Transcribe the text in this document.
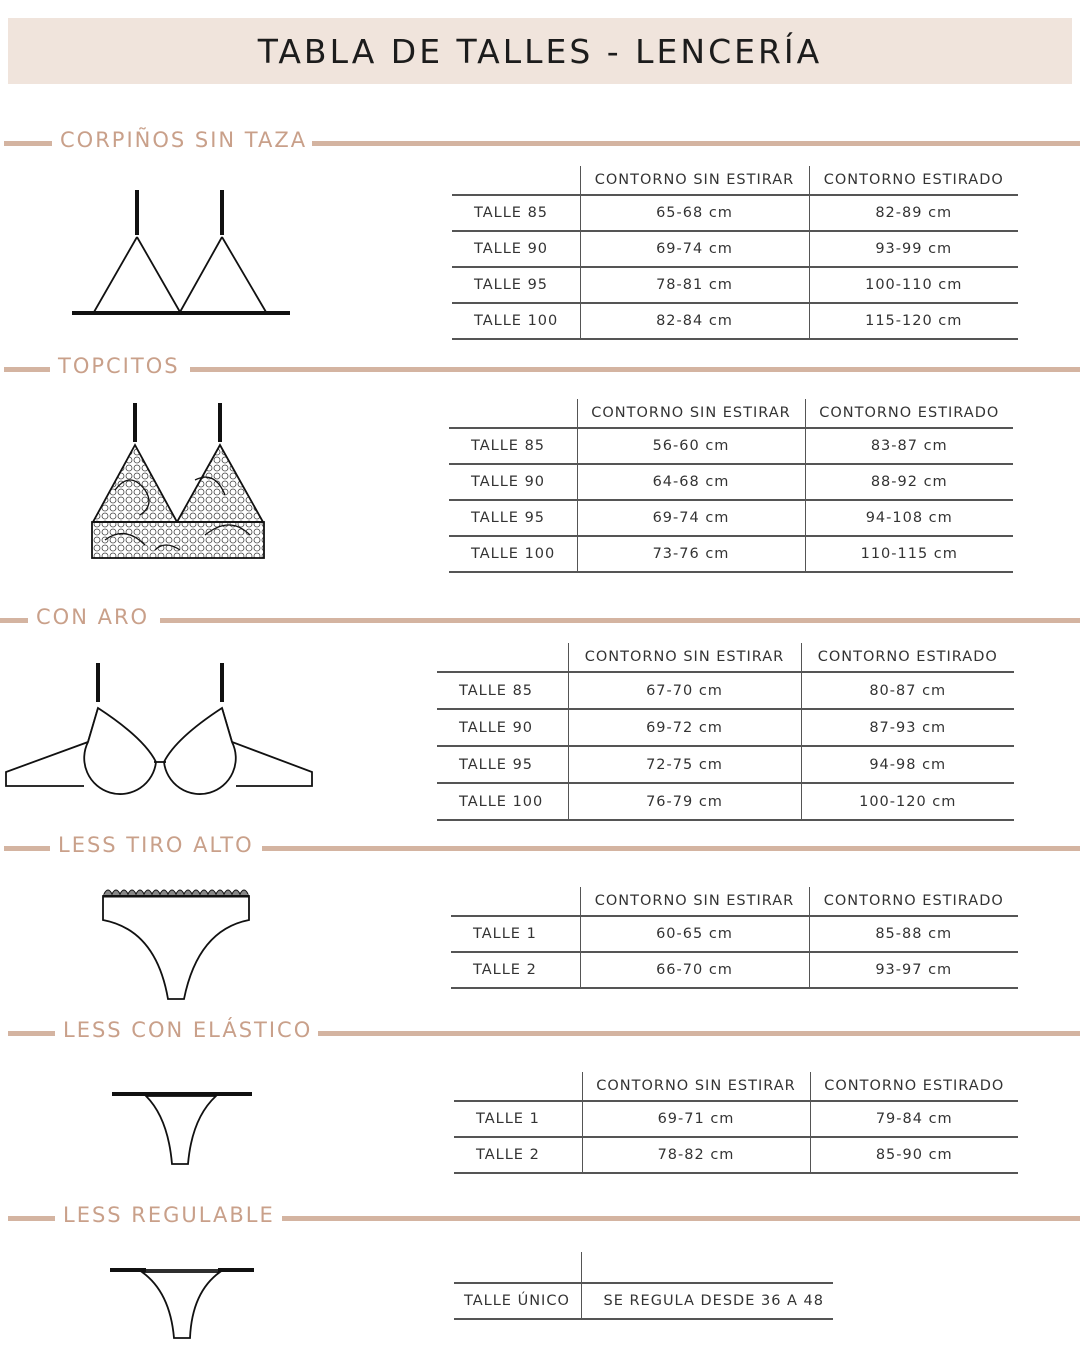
TABLA DE TALLES - LENCERÍA
CORPIÑOS SIN TAZA
	CONTORNO SIN ESTIRAR	CONTORNO ESTIRADO
TALLE 85	65-68 cm	82-89 cm
TALLE 90	69-74 cm	93-99 cm
TALLE 95	78-81 cm	100-110 cm
TALLE 100	82-84 cm	115-120 cm
TOPCITOS
	CONTORNO SIN ESTIRAR	CONTORNO ESTIRADO
TALLE 85	56-60 cm	83-87 cm
TALLE 90	64-68 cm	88-92 cm
TALLE 95	69-74 cm	94-108 cm
TALLE 100	73-76 cm	110-115 cm
CON ARO
	CONTORNO SIN ESTIRAR	CONTORNO ESTIRADO
TALLE 85	67-70 cm	80-87 cm
TALLE 90	69-72 cm	87-93 cm
TALLE 95	72-75 cm	94-98 cm
TALLE 100	76-79 cm	100-120 cm
LESS TIRO ALTO
	CONTORNO SIN ESTIRAR	CONTORNO ESTIRADO
TALLE 1	60-65 cm	85-88 cm
TALLE 2	66-70 cm	93-97 cm
LESS CON ELÁSTICO
	CONTORNO SIN ESTIRAR	CONTORNO ESTIRADO
TALLE 1	69-71 cm	79-84 cm
TALLE 2	78-82 cm	85-90 cm
LESS REGULABLE

TALLE ÚNICO	SE REGULA DESDE 36 A 48
